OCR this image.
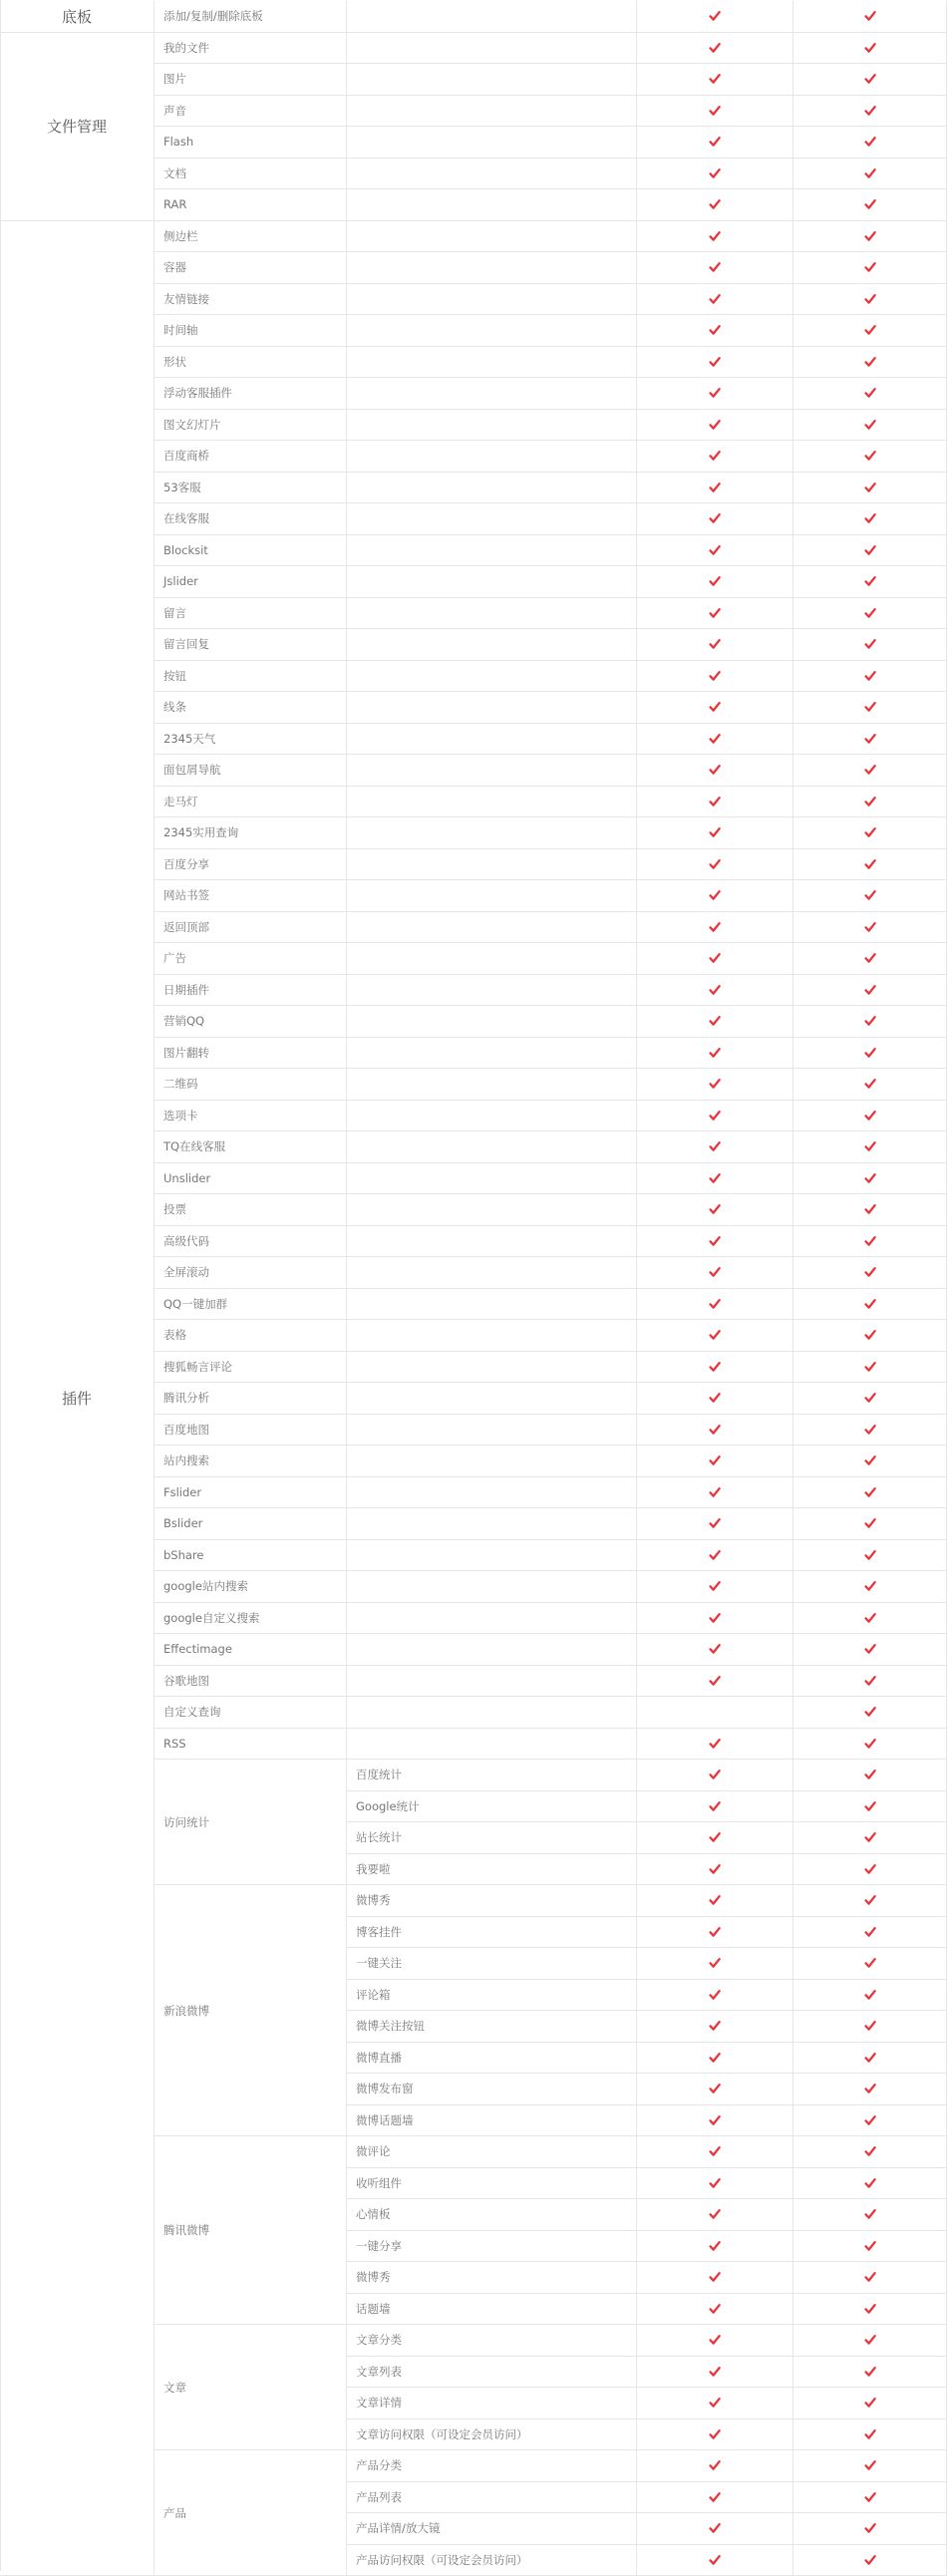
添加/复制/删除底板
底板
我的文件
图片
声音
Flash
文档
RAR
文件管理
侧边栏
容器
友情链接
时间轴
形状
浮动客服插件
图文幻灯片
百度商桥
53客服
在线客服
Blocksit
Jslider
留言
留言回复
按钮
线条
2345天气
面包屑导航
走马灯
2345实用查询
百度分享
网站书签
返回顶部
广告
日期插件
营销QQ
图片翻转
二维码
选项卡
TQ在线客服
Unslider
投票
高级代码
全屏滚动
QQ一键加群
表格
搜狐畅言评论
腾讯分析
百度地图
站内搜索
Fslider
Bslider
bShare
google站内搜索
google自定义搜索
Effectimage
谷歌地图
自定义查询
RSS
百度统计
Google统计
站长统计
我要啦
访问统计
微博秀
博客挂件
一键关注
评论箱
微博关注按钮
微博直播
微博发布窗
微博话题墙
新浪微博
微评论
收听组件
心情板
一键分享
微博秀
话题墙
腾讯微博
文章分类
文章列表
文章详情
文章访问权限（可设定会员访问）
文章
产品分类
产品列表
产品详情/放大镜
产品访问权限（可设定会员访问）
产品
插件
